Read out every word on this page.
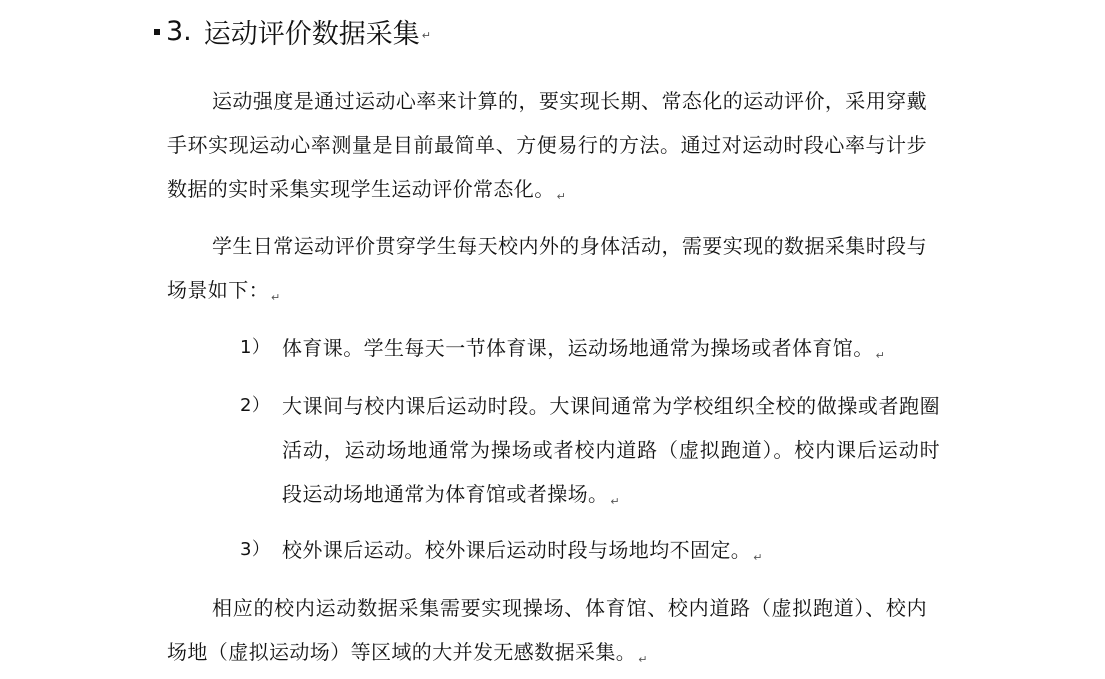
3. 运动评价数据采集 ↵

运动强度是通过运动心率来计算的，要实现长期、常态化的运动评价，采用穿戴手环实现运动心率测量是目前最简单、方便易行的方法。通过对运动时段心率与计步数据的实时采集实现学生运动评价常态化。 $_↵$

学生日常运动评价贯穿学生每天校内外的身体活动，需要实现的数据采集时段与场景如下： $_↵$

1） 体育课。学生每天一节体育课，运动场地通常为操场或者体育馆。 $_↵$

2） 大课间与校内课后运动时段。大课间通常为学校组织全校的做操或者跑圈活动，运动场地通常为操场或者校内道路（虚拟跑道）。校内课后运动时段运动场地通常为体育馆或者操场。 $_↵$

3） 校外课后运动。校外课后运动时段与场地均不固定。 $_↵$

相应的校内运动数据采集需要实现操场、体育馆、校内道路（虚拟跑道）、校内场地（虚拟运动场）等区域的大并发无感数据采集。 $_↵$
